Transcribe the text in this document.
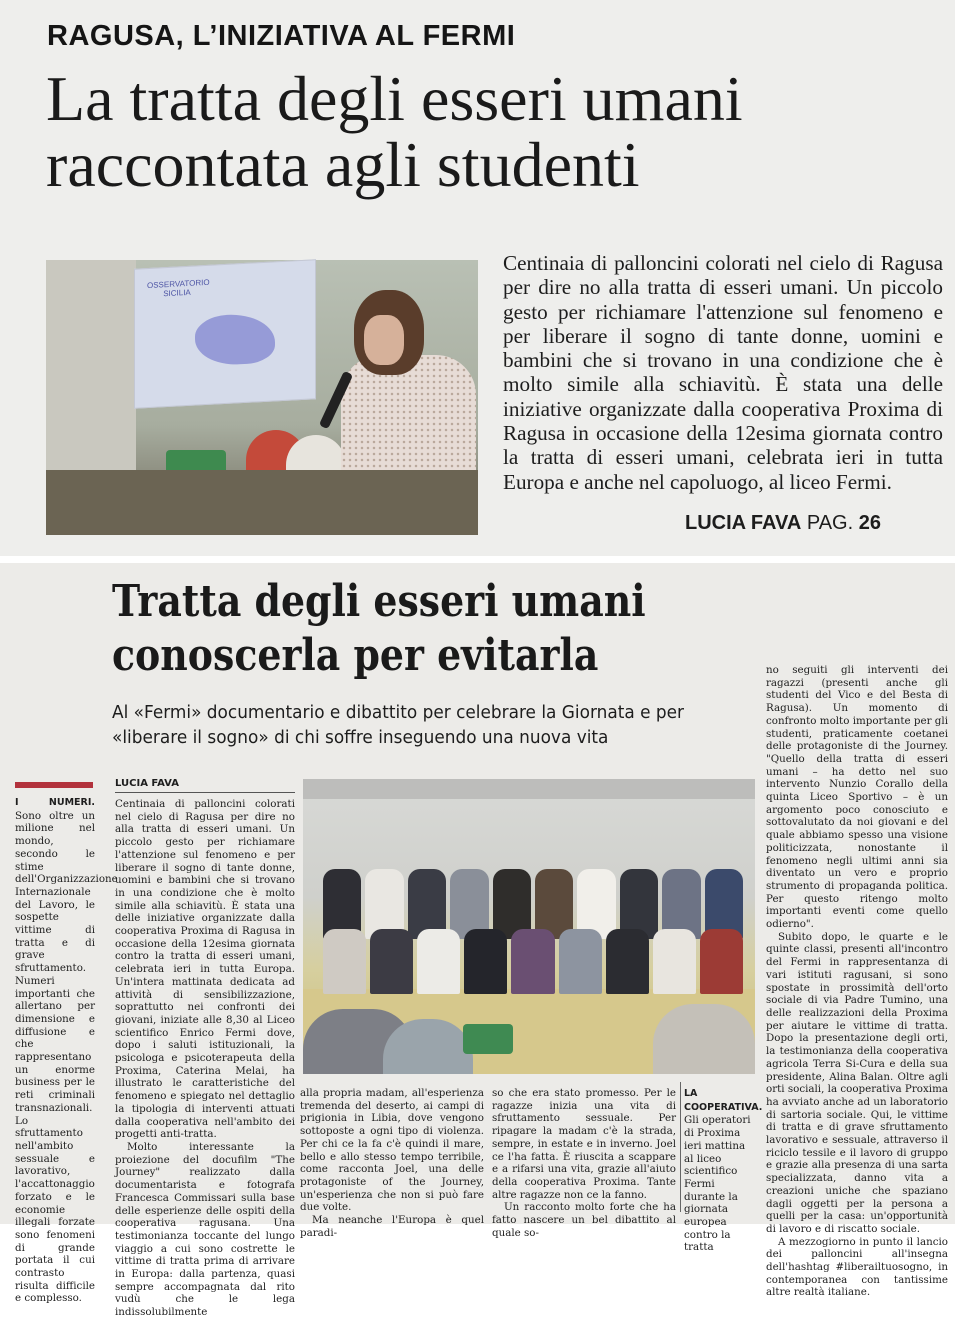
RAGUSA, L’INIZIATIVA AL FERMI
La tratta degli esseri umani
raccontata agli studenti
OSSERVATORIO SICILIA
Centinaia di palloncini colorati nel cielo di Ragusa per dire no alla tratta di esseri umani. Un piccolo gesto per richiamare l'attenzione sul fenomeno e per liberare il sogno di tante donne, uomini e bambini che si trovano in una condizione che è molto simile alla schiavitù. È stata una delle iniziative organizzate dalla cooperativa Proxima di Ragusa in occasione della 12esima giornata contro la tratta di esseri umani, celebrata ieri in tutta Europa e anche nel capoluogo, al liceo Fermi.
LUCIA FAVA PAG. 26
Tratta degli esseri umani
conoscerla per evitarla
Al «Fermi» documentario e dibattito per celebrare la Giornata e per «liberare il sogno» di chi soffre inseguendo una nuova vita
I NUMERI. Sono oltre un milione nel mondo, secondo le stime dell'Organizzazione Internazionale del Lavoro, le sospette vittime di tratta e di grave sfruttamento. Numeri importanti che allertano per dimensione e diffusione e che rappresentano un enorme business per le reti criminali transnazionali. Lo sfruttamento nell'ambito sessuale e lavorativo, l'accattonaggio forzato e le economie illegali forzate sono fenomeni di grande portata il cui contrasto risulta difficile e complesso.
LUCIA FAVA

Centinaia di palloncini colorati nel cielo di Ragusa per dire no alla tratta di esseri umani. Un piccolo gesto per richiamare l'attenzione sul fenomeno e per liberare il sogno di tante donne, uomini e bambini che si trovano in una condizione che è molto simile alla schiavitù. È stata una delle iniziative organizzate dalla cooperativa Proxima di Ragusa in occasione della 12esima giornata contro la tratta di esseri umani, celebrata ieri in tutta Europa. Un'intera mattinata dedicata ad attività di sensibilizzazione, soprattutto nei confronti dei giovani, iniziate alle 8,30 al Liceo scientifico Enrico Fermi dove, dopo i saluti istituzionali, la psicologa e psicoterapeuta della Proxima, Caterina Melai, ha illustrato le caratteristiche del fenomeno e spiegato nel dettaglio la tipologia di interventi attuati dalla cooperativa nell'ambito dei progetti anti-tratta.

Molto interessante la proiezione del docufilm "The Journey" realizzato dalla documentarista e fotografa Francesca Commissari sulla base delle esperienze delle ospiti della cooperativa ragusana. Una testimonianza toccante del lungo viaggio a cui sono costrette le vittime di tratta prima di arrivare in Europa: dalla partenza, quasi sempre accompagnata dal rito vudù che le lega indissolubilmente

alla propria madam, all'esperienza tremenda del deserto, ai campi di prigionia in Libia, dove vengono sottoposte a ogni tipo di violenza. Per chi ce la fa c'è quindi il mare, bello e allo stesso tempo terribile, come racconta Joel, una delle protagoniste of the Journey, un'esperienza che non si può fare due volte.

Ma neanche l'Europa è quel paradi-

so che era stato promesso. Per le ragazze inizia una vita di sfruttamento sessuale. Per ripagare la madam c'è la strada, sempre, in estate e in inverno. Joel ce l'ha fatta. È riuscita a scappare e a rifarsi una vita, grazie all'aiuto della cooperativa Proxima. Tante altre ragazze non ce la fanno.

Un racconto molto forte che ha fatto nascere un bel dibattito al quale so-

LA COOPERATIVA. Gli operatori di Proxima ieri mattina al liceo scientifico Fermi durante la giornata europea contro la tratta

no seguiti gli interventi dei ragazzi (presenti anche gli studenti del Vico e del Besta di Ragusa). Un momento di confronto molto importante per gli studenti, praticamente coetanei delle protagoniste di the Journey. "Quello della tratta di esseri umani – ha detto nel suo intervento Nunzio Corallo della quinta Liceo Sportivo – è un argomento poco conosciuto e sottovalutato da noi giovani e del quale abbiamo spesso una visione politicizzata, nonostante il fenomeno negli ultimi anni sia diventato un vero e proprio strumento di propaganda politica. Per questo ritengo molto importanti eventi come quello odierno".

Subito dopo, le quarte e le quinte classi, presenti all'incontro del Fermi in rappresentanza di vari istituti ragusani, si sono spostate in prossimità dell'orto sociale di via Padre Tumino, una delle realizzazioni della Proxima per aiutare le vittime di tratta. Dopo la presentazione degli orti, la testimonianza della cooperativa agricola Terra Si-Cura e della sua presidente, Alina Balan. Oltre agli orti sociali, la cooperativa Proxima ha avviato anche ad un laboratorio di sartoria sociale. Qui, le vittime di tratta e di grave sfruttamento lavorativo e sessuale, attraverso il riciclo tessile e il lavoro di gruppo e grazie alla presenza di una sarta specializzata, danno vita a creazioni uniche che spaziano dagli oggetti per la persona a quelli per la casa: un'opportunità di lavoro e di riscatto sociale.

A mezzogiorno in punto il lancio dei palloncini all'insegna dell'hashtag #liberailtuosogno, in contemporanea con tantissime altre realtà italiane.
